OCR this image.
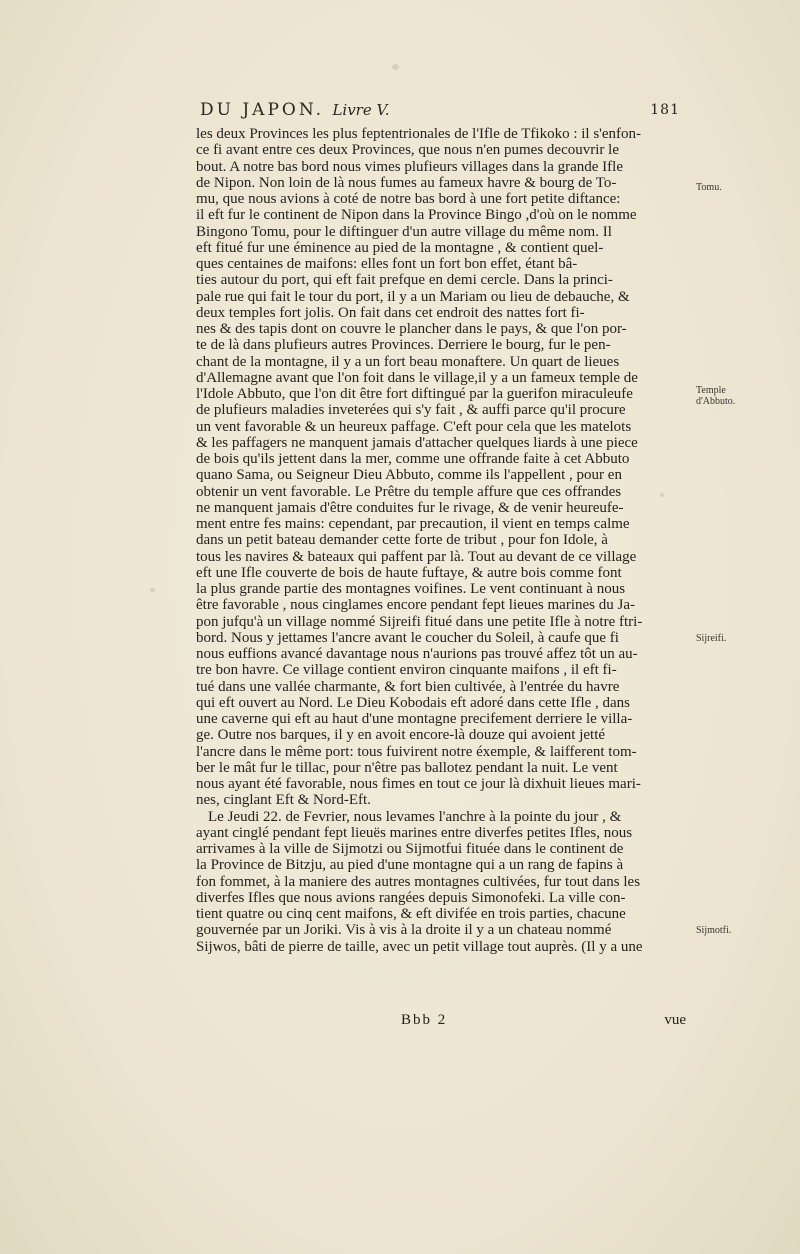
DU JAPON. Livre V.	181
les deux Provinces les plus feptentrionales de l'Ifle de Tfikoko : il s'enfon-
ce fi avant entre ces deux Provinces, que nous n'en pumes decouvrir le
bout. A notre bas bord nous vimes plufieurs villages dans la grande Ifle
de Nipon. Non loin de là nous fumes au fameux havre & bourg de To-
mu, que nous avions à coté de notre bas bord à une fort petite diftance:
il eft fur le continent de Nipon dans la Province Bingo ,d'où on le nomme
Bingono Tomu, pour le diftinguer d'un autre village du même nom. Il
eft fitué fur une éminence au pied de la montagne , & contient quel-
ques centaines de maifons: elles font un fort bon effet, étant bâ-
ties autour du port, qui eft fait prefque en demi cercle. Dans la princi-
pale rue qui fait le tour du port, il y a un Mariam ou lieu de debauche, &
deux temples fort jolis. On fait dans cet endroit des nattes fort fi-
nes & des tapis dont on couvre le plancher dans le pays, & que l'on por-
te de là dans plufieurs autres Provinces. Derriere le bourg, fur le pen-
chant de la montagne, il y a un fort beau monaftere. Un quart de lieues
d'Allemagne avant que l'on foit dans le village,il y a un fameux temple de
l'Idole Abbuto, que l'on dit être fort diftingué par la guerifon miraculeufe
de plufieurs maladies inveterées qui s'y fait , & auffi parce qu'il procure
un vent favorable & un heureux paffage. C'eft pour cela que les matelots
& les paffagers ne manquent jamais d'attacher quelques liards à une piece
de bois qu'ils jettent dans la mer, comme une offrande faite à cet Abbuto
quano Sama, ou Seigneur Dieu Abbuto, comme ils l'appellent , pour en
obtenir un vent favorable. Le Prêtre du temple affure que ces offrandes
ne manquent jamais d'être conduites fur le rivage, & de venir heureufe-
ment entre fes mains: cependant, par precaution, il vient en temps calme
dans un petit bateau demander cette forte de tribut , pour fon Idole, à
tous les navires & bateaux qui paffent par là. Tout au devant de ce village
eft une Ifle couverte de bois de haute fuftaye, & autre bois comme font
la plus grande partie des montagnes voifines. Le vent continuant à nous
être favorable , nous cinglames encore pendant fept lieues marines du Ja-
pon jufqu'à un village nommé Sijreifi fitué dans une petite Ifle à notre ftri-
bord. Nous y jettames l'ancre avant le coucher du Soleil, à caufe que fi
nous euffions avancé davantage nous n'aurions pas trouvé affez tôt un au-
tre bon havre. Ce village contient environ cinquante maifons , il eft fi-
tué dans une vallée charmante, & fort bien cultivée, à l'entrée du havre
qui eft ouvert au Nord. Le Dieu Kobodais eft adoré dans cette Ifle , dans
une caverne qui eft au haut d'une montagne precifement derriere le villa-
ge. Outre nos barques, il y en avoit encore-là douze qui avoient jetté
l'ancre dans le même port: tous fuivirent notre éxemple, & laifferent tom-
ber le mât fur le tillac, pour n'être pas ballotez pendant la nuit. Le vent
nous ayant été favorable, nous fimes en tout ce jour là dixhuit lieues mari-
nes, cinglant Eft & Nord-Eft.
Le Jeudi 22. de Fevrier, nous levames l'anchre à la pointe du jour , &
ayant cinglé pendant fept lieuës marines entre diverfes petites Ifles, nous
arrivames à la ville de Sijmotzi ou Sijmotfui fituée dans le continent de
la Province de Bitzju, au pied d'une montagne qui a un rang de fapins à
fon fommet, à la maniere des autres montagnes cultivées, fur tout dans les
diverfes Ifles que nous avions rangées depuis Simonofeki. La ville con-
tient quatre ou cinq cent maifons, & eft divifée en trois parties, chacune
gouvernée par un Joriki. Vis à vis à la droite il y a un chateau nommé
Sijwos, bâti de pierre de taille, avec un petit village tout auprès. (Il y a une
Tomu.
Temple
d'Abbuto.
Sijreifi.
Sijmotfi.
Bbb 2	vue
